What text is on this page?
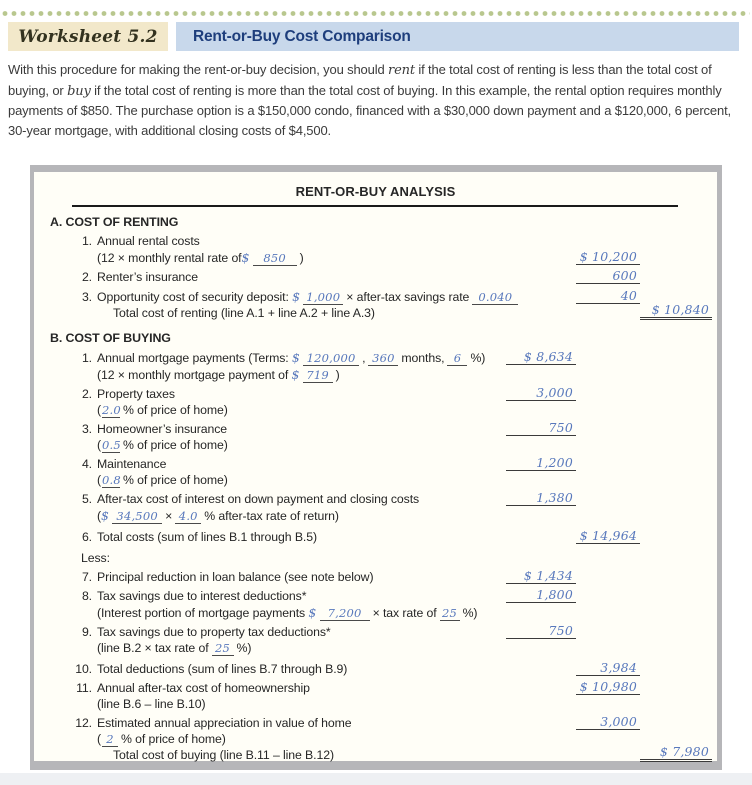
Worksheet 5.2 Rent-or-Buy Cost Comparison
With this procedure for making the rent-or-buy decision, you should rent if the total cost of renting is less than the total cost of buying, or buy if the total cost of renting is more than the total cost of buying. In this example, the rental option requires monthly payments of $850. The purchase option is a $150,000 condo, financed with a $30,000 down payment and a $120,000, 6 percent, 30-year mortgage, with additional closing costs of $4,500.
RENT-OR-BUY ANALYSIS
A. COST OF RENTING
1. Annual rental costs
(12 × monthly rental rate of$ 850 )	$ 10,200
2. Renter’s insurance	600
3. Opportunity cost of security deposit: $ 1,000 × after-tax savings rate 0.040	40
Total cost of renting (line A.1 + line A.2 + line A.3)	$ 10,840
B. COST OF BUYING
1. Annual mortgage payments (Terms: $ 120,000 , 360 months, 6 %)	$ 8,634
(12 × monthly mortgage payment of $ 719 )
2. Property taxes	3,000
(2.0 % of price of home)
3. Homeowner’s insurance	750
(0.5 % of price of home)
4. Maintenance	1,200
(0.8 % of price of home)
5. After-tax cost of interest on down payment and closing costs	1,380
($ 34,500 × 4.0 % after-tax rate of return)
6. Total costs (sum of lines B.1 through B.5)	$ 14,964
Less:
7. Principal reduction in loan balance (see note below)	$ 1,434
8. Tax savings due to interest deductions*	1,800
(Interest portion of mortgage payments $ 7,200 × tax rate of 25 %)
9. Tax savings due to property tax deductions*	750
(line B.2 × tax rate of 25 %)
10. Total deductions (sum of lines B.7 through B.9)	3,984
11. Annual after-tax cost of homeownership	$ 10,980
(line B.6 – line B.10)
12. Estimated annual appreciation in value of home	3,000
( 2 % of price of home)
Total cost of buying (line B.11 – line B.12)	$ 7,980
